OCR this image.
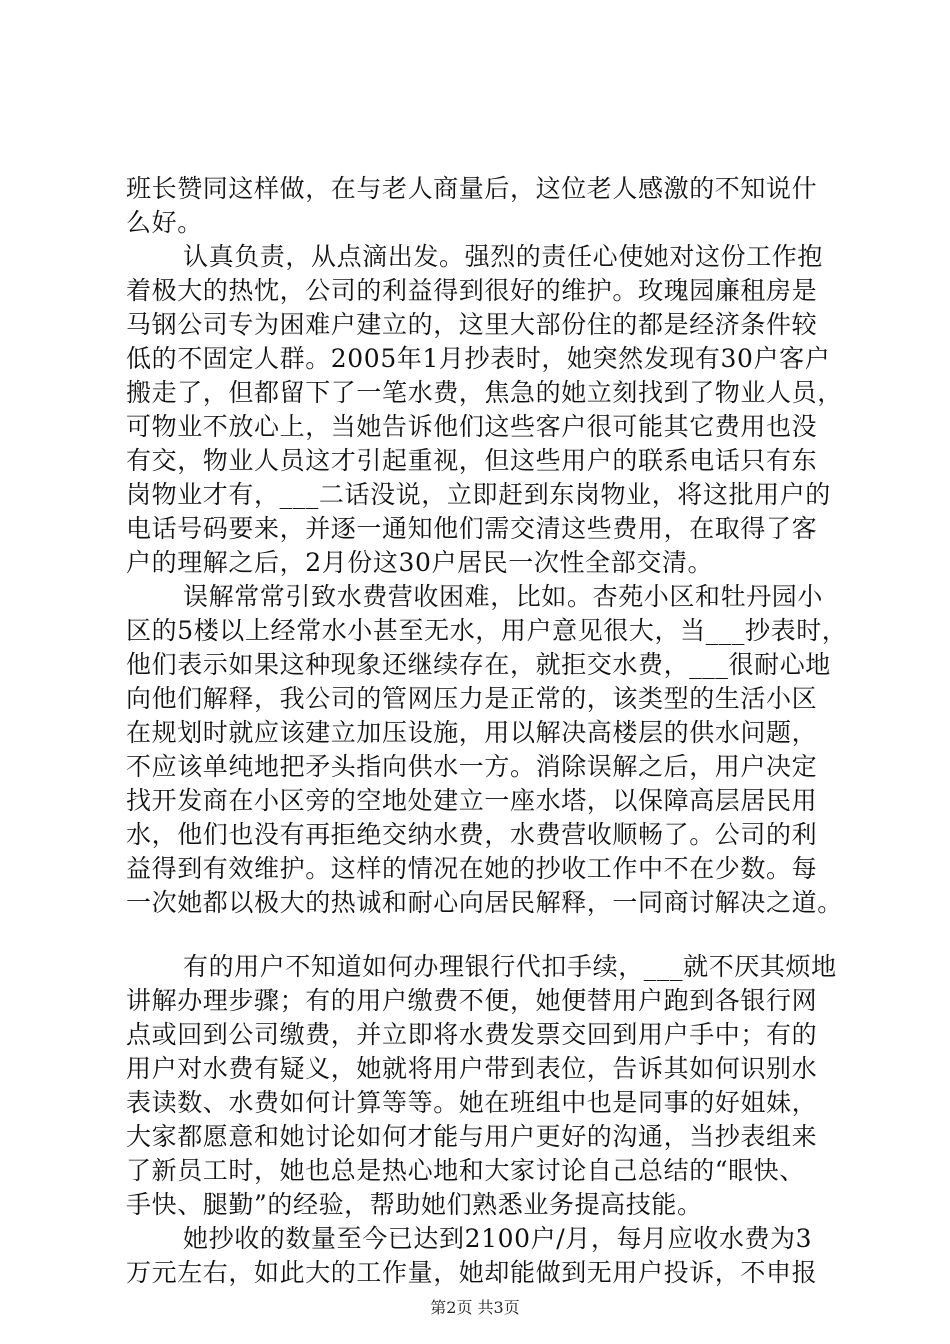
班长赞同这样做，在与老人商量后，这位老人感激的不知说什
么好。
认真负责，从点滴出发。强烈的责任心使她对这份工作抱
着极大的热忱，公司的利益得到很好的维护。玫瑰园廉租房是
马钢公司专为困难户建立的，这里大部份住的都是经济条件较
低的不固定人群。2005年1月抄表时，她突然发现有30户客户
搬走了，但都留下了一笔水费，焦急的她立刻找到了物业人员，
可物业不放心上，当她告诉他们这些客户很可能其它费用也没
有交，物业人员这才引起重视，但这些用户的联系电话只有东
岗物业才有，___二话没说，立即赶到东岗物业，将这批用户的
电话号码要来，并逐一通知他们需交清这些费用，在取得了客
户的理解之后，2月份这30户居民一次性全部交清。
误解常常引致水费营收困难，比如。杏苑小区和牡丹园小
区的5楼以上经常水小甚至无水，用户意见很大，当___抄表时，
他们表示如果这种现象还继续存在，就拒交水费，___很耐心地
向他们解释，我公司的管网压力是正常的，该类型的生活小区
在规划时就应该建立加压设施，用以解决高楼层的供水问题，
不应该单纯地把矛头指向供水一方。消除误解之后，用户决定
找开发商在小区旁的空地处建立一座水塔，以保障高层居民用
水，他们也没有再拒绝交纳水费，水费营收顺畅了。公司的利
益得到有效维护。这样的情况在她的抄收工作中不在少数。每
一次她都以极大的热诚和耐心向居民解释，一同商讨解决之道。
有的用户不知道如何办理银行代扣手续，___就不厌其烦地
讲解办理步骤；有的用户缴费不便，她便替用户跑到各银行网
点或回到公司缴费，并立即将水费发票交回到用户手中；有的
用户对水费有疑义，她就将用户带到表位，告诉其如何识别水
表读数、水费如何计算等等。她在班组中也是同事的好姐妹，
大家都愿意和她讨论如何才能与用户更好的沟通，当抄表组来
了新员工时，她也总是热心地和大家讨论自己总结的“眼快、
手快、腿勤”的经验，帮助她们熟悉业务提高技能。
她抄收的数量至今已达到2100户/月，每月应收水费为3
万元左右，如此大的工作量，她却能做到无用户投诉，不申报
第2页 共3页
